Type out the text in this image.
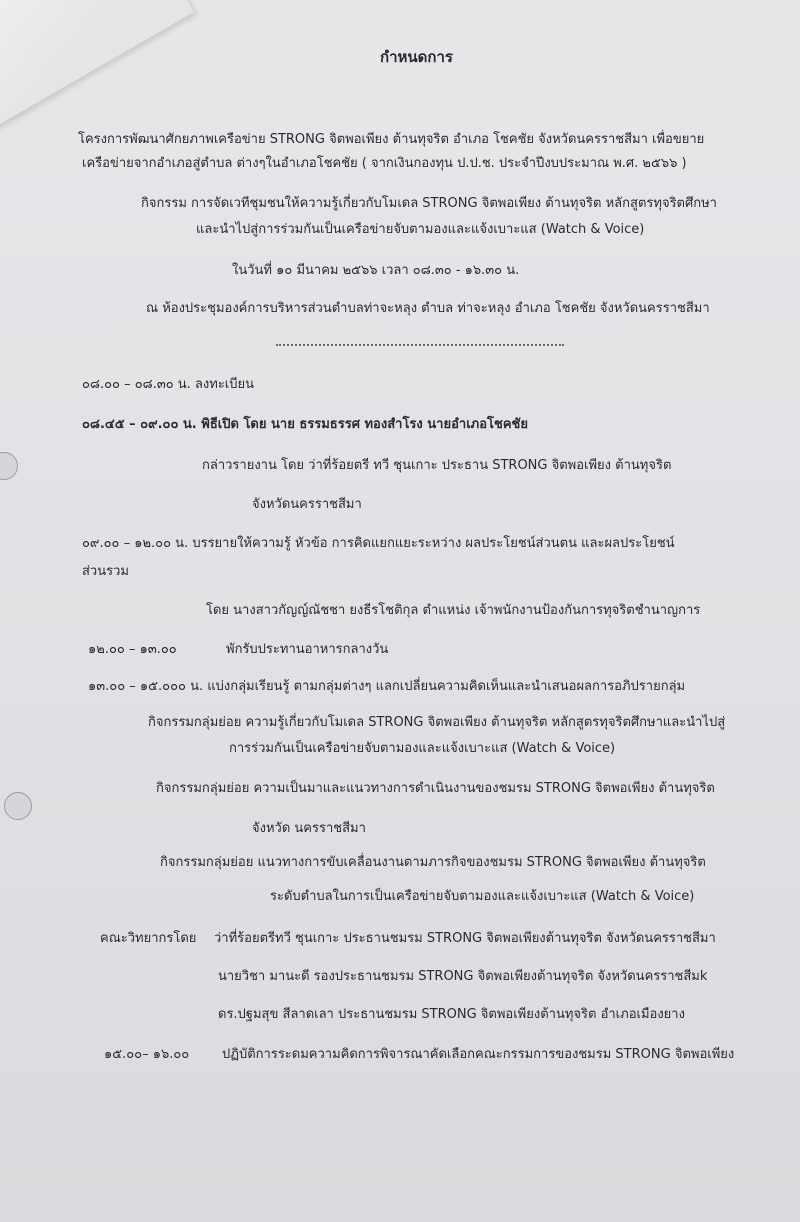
กำหนดการ
โครงการพัฒนาศักยภาพเครือข่าย STRONG จิตพอเพียง ต้านทุจริต อำเภอ โชคชัย จังหวัดนครราชสีมา เพื่อขยาย
เครือข่ายจากอำเภอสู่ตำบล ต่างๆในอำเภอโชคชัย ( จากเงินกองทุน ป.ป.ช. ประจำปีงบประมาณ พ.ศ. ๒๕๖๖ )
กิจกรรม การจัดเวทีชุมชนให้ความรู้เกี่ยวกับโมเดล STRONG จิตพอเพียง ต้านทุจริต หลักสูตรทุจริตศึกษา
และนำไปสู่การร่วมกันเป็นเครือข่ายจับตามองและแจ้งเบาะแส (Watch & Voice)
ในวันที่ ๑๐ มีนาคม ๒๕๖๖ เวลา ๐๘.๓๐ - ๑๖.๓๐ น.
ณ ห้องประชุมองค์การบริหารส่วนตำบลท่าจะหลุง ตำบล ท่าจะหลุง อำเภอ โชคชัย จังหวัดนครราชสีมา
๐๘.๐๐ – ๐๘.๓๐ น. ลงทะเบียน
๐๘.๔๕ – ๐๙.๐๐ น. พิธีเปิด โดย นาย ธรรมธรรศ ทองสำโรง นายอำเภอโชคชัย
กล่าวรายงาน โดย ว่าที่ร้อยตรี ทวี ชุนเกาะ ประธาน STRONG จิตพอเพียง ต้านทุจริต
จังหวัดนครราชสีมา
๐๙.๐๐ – ๑๒.๐๐ น. บรรยายให้ความรู้ หัวข้อ การคิดแยกแยะระหว่าง ผลประโยชน์ส่วนตน และผลประโยชน์
ส่วนรวม
โดย นางสาวกัญญ์ณัชชา ยงธีรโชติกุล ตำแหน่ง เจ้าพนักงานป้องกันการทุจริตชำนาญการ
๑๒.๐๐ – ๑๓.๐๐	พักรับประทานอาหารกลางวัน
๑๓.๐๐ – ๑๕.๐๐๐ น. แบ่งกลุ่มเรียนรู้ ตามกลุ่มต่างๆ แลกเปลี่ยนความคิดเห็นและนำเสนอผลการอภิปรายกลุ่ม
กิจกรรมกลุ่มย่อย ความรู้เกี่ยวกับโมเดล STRONG จิตพอเพียง ต้านทุจริต หลักสูตรทุจริตศึกษาและนำไปสู่
การร่วมกันเป็นเครือข่ายจับตามองและแจ้งเบาะแส (Watch & Voice)
กิจกรรมกลุ่มย่อย ความเป็นมาและแนวทางการดำเนินงานของชมรม STRONG จิตพอเพียง ต้านทุจริต
จังหวัด นครราชสีมา
กิจกรรมกลุ่มย่อย แนวทางการขับเคลื่อนงานตามภารกิจของชมรม STRONG จิตพอเพียง ต้านทุจริต
ระดับตำบลในการเป็นเครือข่ายจับตามองและแจ้งเบาะแส (Watch & Voice)
คณะวิทยากรโดย ว่าที่ร้อยตรีทวี ชุนเกาะ ประธานชมรม STRONG จิตพอเพียงต้านทุจริต จังหวัดนครราชสีมา
นายวิชา มานะดี รองประธานชมรม STRONG จิตพอเพียงต้านทุจริต จังหวัดนครราชสีมk
ดร.ปฐมสุข สีลาดเลา ประธานชมรม STRONG จิตพอเพียงต้านทุจริต อำเภอเมืองยาง
๑๕.๐๐– ๑๖.๐๐	ปฏิบัติการระดมความคิดการพิจารณาคัดเลือกคณะกรรมการของชมรม STRONG จิตพอเพียง
